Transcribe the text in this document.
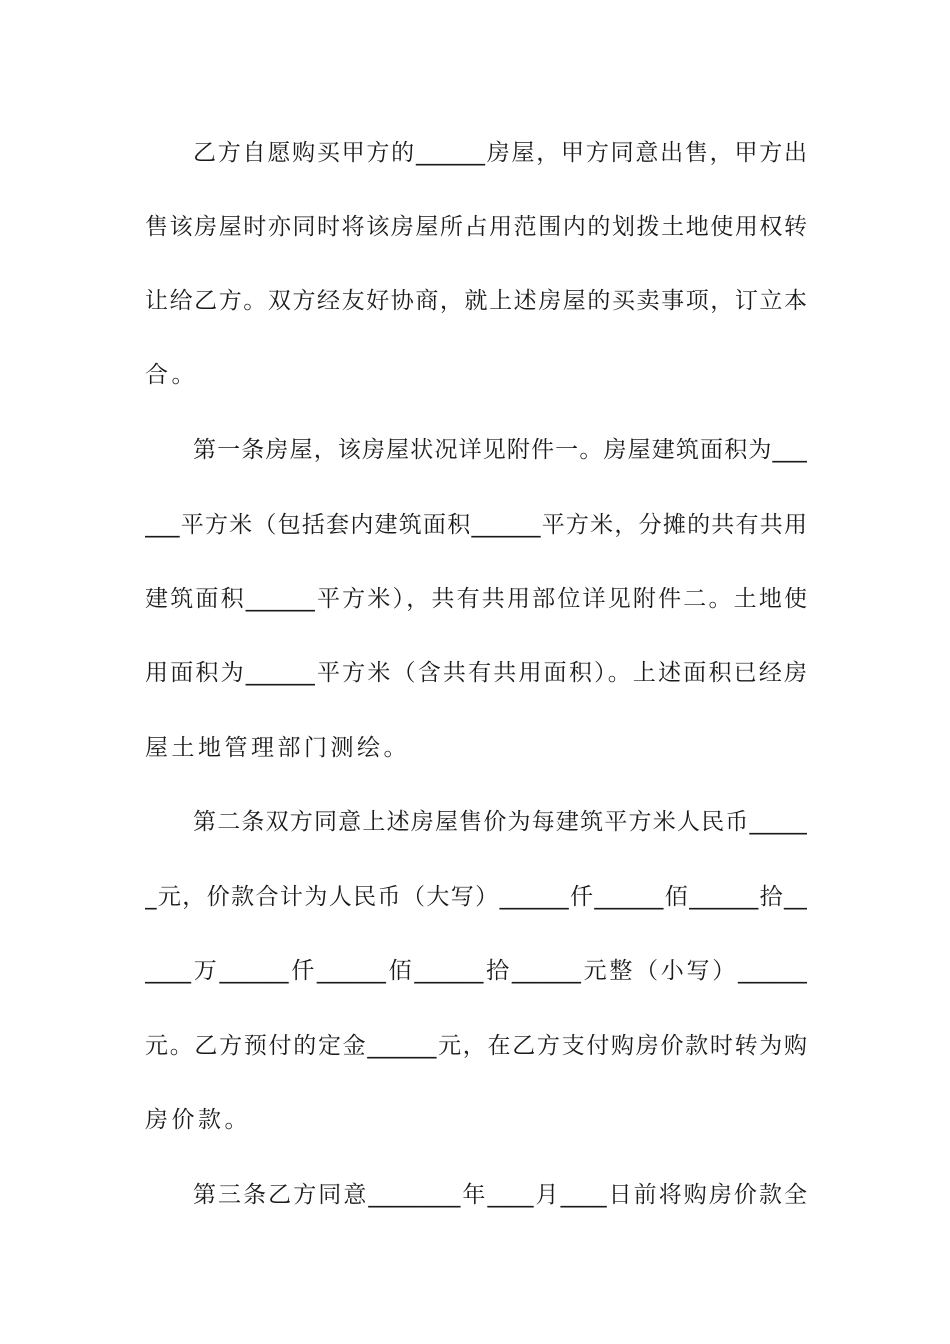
乙方自愿购买甲方的______房屋，甲方同意出售，甲方出
售该房屋时亦同时将该房屋所占用范围内的划拨土地使用权转
让给乙方。双方经友好协商，就上述房屋的买卖事项，订立本
合。
第一条房屋，该房屋状况详见附件一。房屋建筑面积为___
___平方米（包括套内建筑面积______平方米，分摊的共有共用
建筑面积______平方米），共有共用部位详见附件二。土地使
用面积为______平方米（含共有共用面积）。上述面积已经房
屋土地管理部门测绘。
第二条双方同意上述房屋售价为每建筑平方米人民币_____
_元，价款合计为人民币（大写）______仟______佰______拾__
____万______仟______佰______拾______元整（小写）______
元。乙方预付的定金______元，在乙方支付购房价款时转为购
房价款。
第三条乙方同意________年____月____日前将购房价款全
